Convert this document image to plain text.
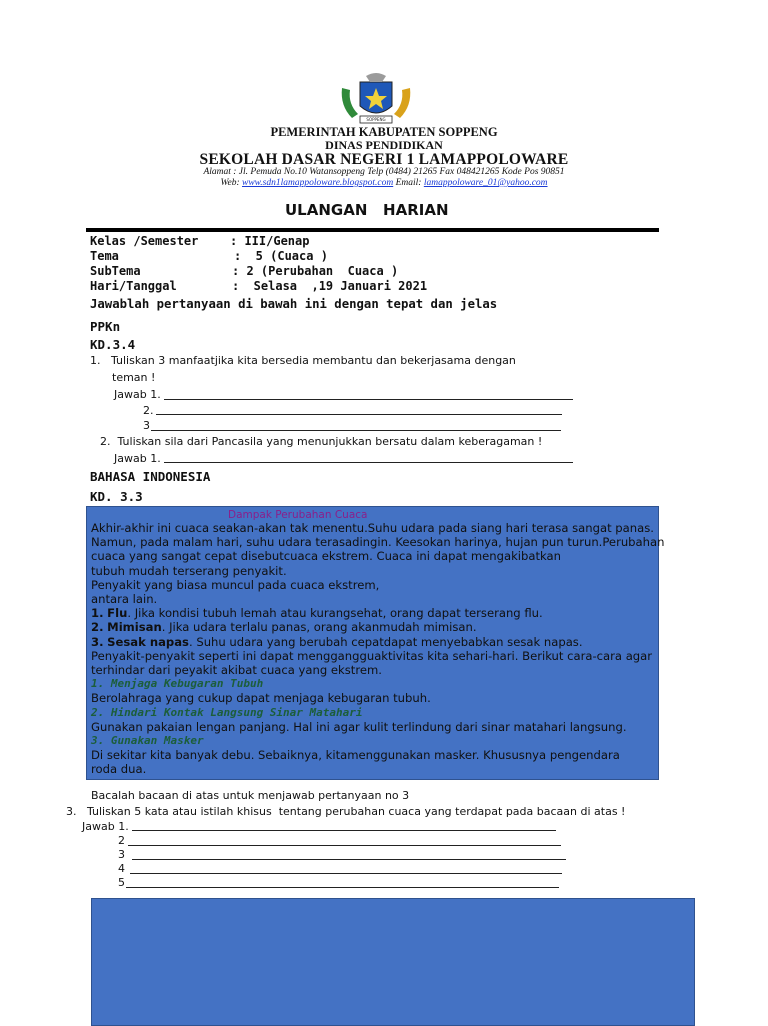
SOPPENG
PEMERINTAH KABUPATEN SOPPENG
DINAS PENDIDIKAN
SEKOLAH DASAR NEGERI 1 LAMAPPOLOWARE
Alamat : Jl. Pemuda No.10 Watansoppeng Telp (0484) 21265 Fax 048421265 Kode Pos 90851
Web: www.sdn1lamappoloware.blogspot.com Email: lamappoloware_01@yahoo.com
ULANGAN   HARIAN
Kelas /Semester	: III/Genap
Tema	:  5 (Cuaca )
SubTema	: 2 (Perubahan  Cuaca )
Hari/Tanggal	:  Selasa  ,19 Januari 2021
Jawablah pertanyaan di bawah ini dengan tepat dan jelas
PPKn
KD.3.4
1.   Tuliskan 3 manfaatjika kita bersedia membantu dan bekerjasama dengan
teman !
Jawab 1.
2.
3
2.  Tuliskan sila dari Pancasila yang menunjukkan bersatu dalam keberagaman !
Jawab 1.
BAHASA INDONESIA
KD. 3.3
Dampak Perubahan Cuaca
Akhir-akhir ini cuaca seakan-akan tak menentu.Suhu udara pada siang hari terasa sangat panas.
Namun, pada malam hari, suhu udara terasadingin. Keesokan harinya, hujan pun turun.Perubahan
cuaca yang sangat cepat disebutcuaca ekstrem. Cuaca ini dapat mengakibatkan
tubuh mudah terserang penyakit.
Penyakit yang biasa muncul pada cuaca ekstrem,
antara lain.
1. Flu. Jika kondisi tubuh lemah atau kurangsehat, orang dapat terserang flu.
2. Mimisan. Jika udara terlalu panas, orang akanmudah mimisan.
3. Sesak napas. Suhu udara yang berubah cepatdapat menyebabkan sesak napas.
Penyakit-penyakit seperti ini dapat menggangguaktivitas kita sehari-hari. Berikut cara-cara agar
terhindar dari peyakit akibat cuaca yang ekstrem.
1. Menjaga Kebugaran Tubuh
Berolahraga yang cukup dapat menjaga kebugaran tubuh.
2. Hindari Kontak Langsung Sinar Matahari
Gunakan pakaian lengan panjang. Hal ini agar kulit terlindung dari sinar matahari langsung.
3. Gunakan Masker
Di sekitar kita banyak debu. Sebaiknya, kitamenggunakan masker. Khususnya pengendara
roda dua.
Bacalah bacaan di atas untuk menjawab pertanyaan no 3
3.   Tuliskan 5 kata atau istilah khisus  tentang perubahan cuaca yang terdapat pada bacaan di atas !
Jawab 1.
2
3
4
5
